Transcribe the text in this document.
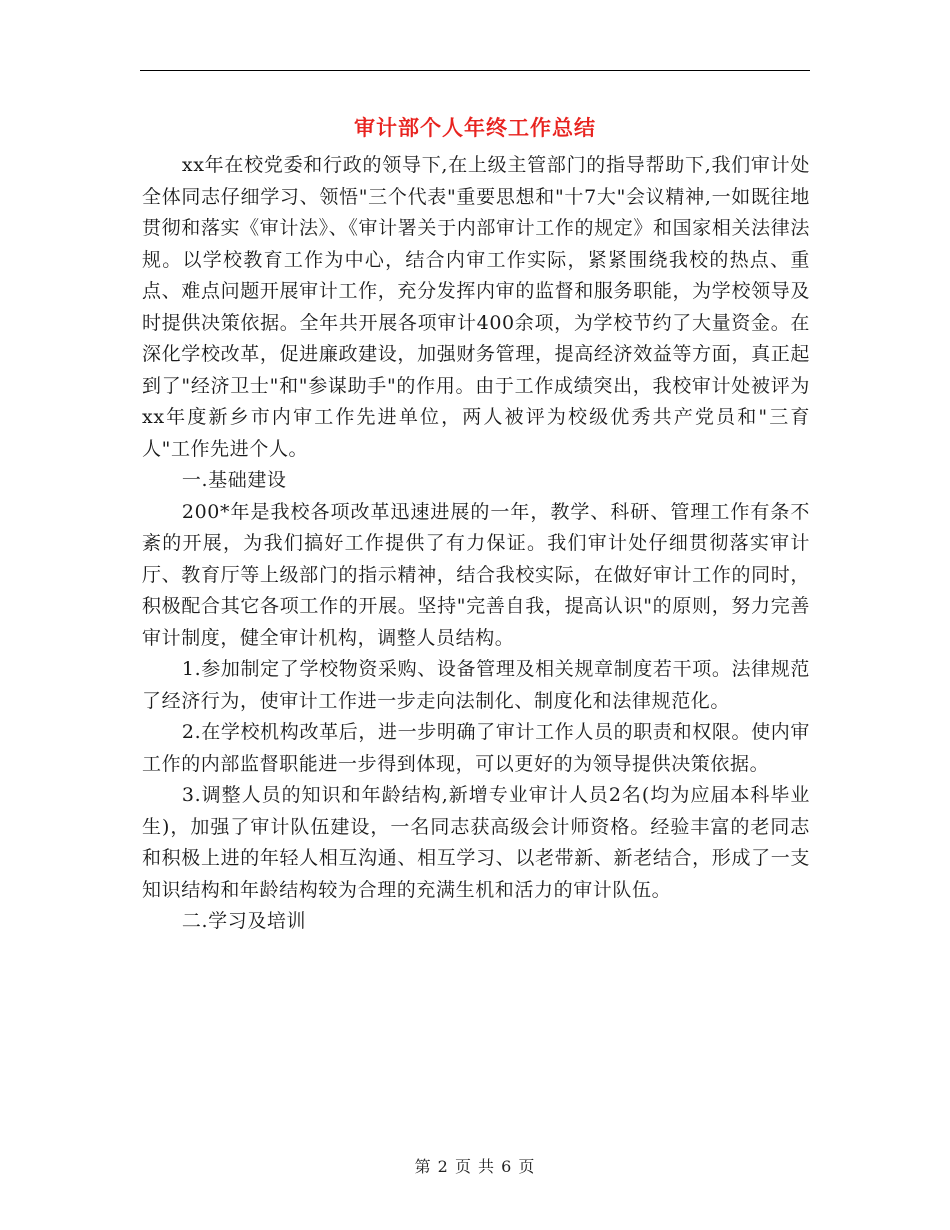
审计部个人年终工作总结

xx年在校党委和行政的领导下,在上级主管部门的指导帮助下,我们审计处全体同志仔细学习、领悟"三个代表"重要思想和"十7大"会议精神,一如既往地贯彻和落实《审计法》、《审计署关于内部审计工作的规定》和国家相关法律法规。以学校教育工作为中心，结合内审工作实际，紧紧围绕我校的热点、重点、难点问题开展审计工作，充分发挥内审的监督和服务职能，为学校领导及时提供决策依据。全年共开展各项审计400余项，为学校节约了大量资金。在深化学校改革，促进廉政建设，加强财务管理，提高经济效益等方面，真正起到了"经济卫士"和"参谋助手"的作用。由于工作成绩突出，我校审计处被评为xx年度新乡市内审工作先进单位，两人被评为校级优秀共产党员和"三育人"工作先进个人。

一.基础建设

200*年是我校各项改革迅速进展的一年，教学、科研、管理工作有条不紊的开展，为我们搞好工作提供了有力保证。我们审计处仔细贯彻落实审计厅、教育厅等上级部门的指示精神，结合我校实际，在做好审计工作的同时，积极配合其它各项工作的开展。坚持"完善自我，提高认识"的原则，努力完善审计制度，健全审计机构，调整人员结构。

1.参加制定了学校物资采购、设备管理及相关规章制度若干项。法律规范了经济行为，使审计工作进一步走向法制化、制度化和法律规范化。

2.在学校机构改革后，进一步明确了审计工作人员的职责和权限。使内审工作的内部监督职能进一步得到体现，可以更好的为领导提供决策依据。

3.调整人员的知识和年龄结构,新增专业审计人员2名(均为应届本科毕业生)，加强了审计队伍建设，一名同志获高级会计师资格。经验丰富的老同志和积极上进的年轻人相互沟通、相互学习、以老带新、新老结合，形成了一支知识结构和年龄结构较为合理的充满生机和活力的审计队伍。

二.学习及培训

第 2 页 共 6 页
